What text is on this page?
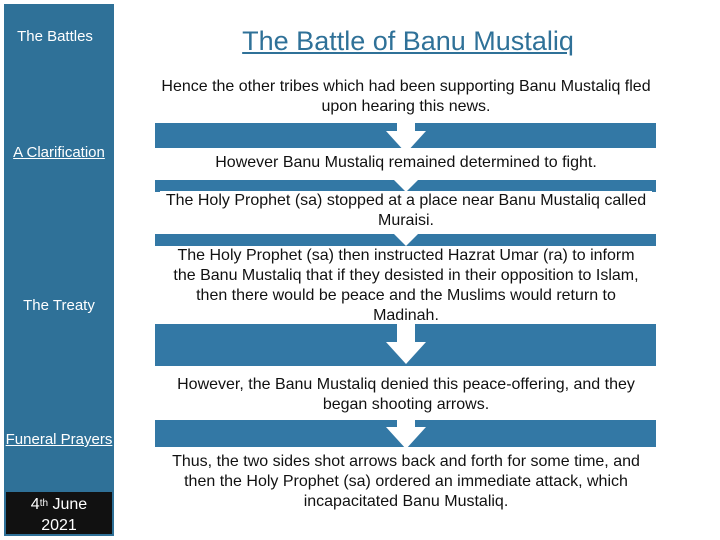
The Battles
A Clarification
The Treaty
Funeral Prayers
4th June
2021
The Battle of Banu Mustaliq
Hence the other tribes which had been supporting Banu Mustaliq fled upon hearing this news.
However Banu Mustaliq remained determined to fight.
The Holy Prophet (sa) stopped at a place near Banu Mustaliq called Muraisi.
The Holy Prophet (sa) then instructed Hazrat Umar (ra) to inform the Banu Mustaliq that if they desisted in their opposition to Islam, then there would be peace and the Muslims would return to Madinah.
However, the Banu Mustaliq denied this peace-offering, and they began shooting arrows.
Thus, the two sides shot arrows back and forth for some time, and then the Holy Prophet (sa) ordered an immediate attack, which incapacitated Banu Mustaliq.
